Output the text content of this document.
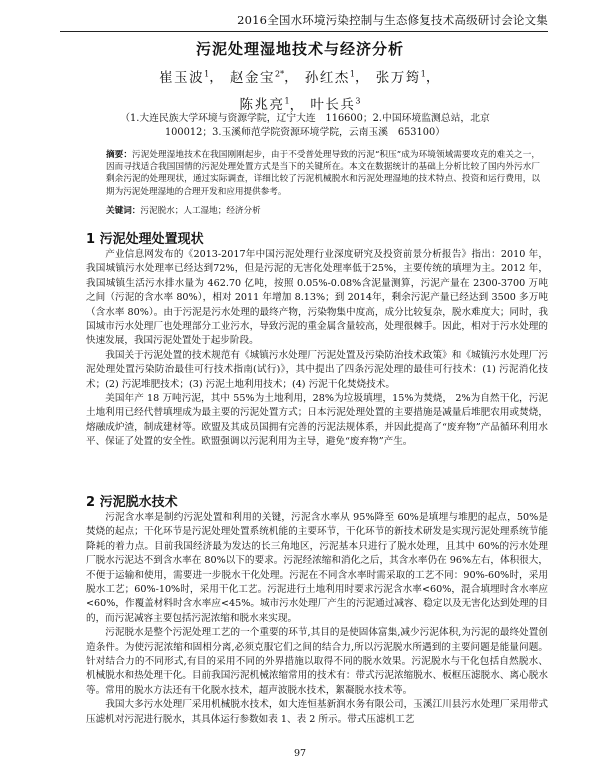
2016全国水环境污染控制与生态修复技术高级研讨会论文集
污泥处理湿地技术与经济分析
崔玉波$^1$， 赵金宝$^{2*}$， 孙红杰$^1$， 张万筠$^1$，
陈兆亮$^1$， 叶长兵$^3$
（1.大连民族大学环境与资源学院，辽宁大连　116600；2.中国环境监测总站，北京
100012；3.玉溪师范学院资源环境学院，云南玉溪　653100）
摘要：污泥处理湿地技术在我国刚刚起步，由于不受普处理导致的污泥“积压”成为环境领域需要攻克的难关之一，因而寻找适合我国国情的污泥处理处置方式是当下的关键所在。本文在数据统计的基础上分析比较了国内外污水厂剩余污泥的处理现状，通过实际调查，详细比较了污泥机械脱水和污泥处理湿地的技术特点、投资和运行费用，以期为污泥处理湿地的合理开发和应用提供参考。
关键词：污泥脱水；人工湿地；经济分析
1 污泥处理处置现状

产业信息网发布的《2013-2017年中国污泥处理行业深度研究及投资前景分析报告》指出：2010 年，我国城镇污水处理率已经达到72%，但是污泥的无害化处理率低于25%，主要传统的填埋为主。2012 年，我国城镇生活污水排水量为 462.70 亿吨，按照 0.05%-0.08%含泥量测算，污泥产量在 2300-3700 万吨之间（污泥的含水率 80%），相对 2011 年增加 8.13%；到 2014年，剩余污泥产量已经达到 3500 多万吨（含水率 80%）。由于污泥是污水处理的最终产物，污染物集中度高，成分比较复杂，脱水难度大；同时，我国城市污水处理厂也处理部分工业污水，导致污泥的重金属含量较高，处理很棘手。因此，相对于污水处理的快速发展，我国污泥处置处于起步阶段。

我国关于污泥处置的技术规范有《城镇污水处理厂污泥处置及污染防治技术政策》和《城镇污水处理厂污泥处理处置污染防治最佳可行技术指南(试行)》，其中提出了四条污泥处理的最佳可行技术：(1) 污泥消化技术；(2) 污泥堆肥技术；(3) 污泥土地利用技术；(4) 污泥干化焚烧技术。

美国年产 18 万吨污泥，其中 55%为土地利用，28%为垃圾填埋，15%为焚烧， 2%为自然干化，污泥土地利用已经代替填埋成为最主要的污泥处置方式；日本污泥处理处置的主要措施是减量后堆肥农用或焚烧，熔融成炉渣，制成建材等。欧盟及其成员国拥有完善的污泥法规体系，并因此提高了“废弃物”产品循环利用水平、保证了处置的安全性。欧盟强调以污泥利用为主导，避免“废弃物”产生。

2 污泥脱水技术

污泥含水率是制约污泥处置和利用的关键，污泥含水率从 95%降至 60%是填埋与堆肥的起点，50%是焚烧的起点；干化环节是污泥处理处置系统机能的主要环节，干化环节的新技术研发是实现污泥处理系统节能降耗的着力点。目前我国经济最为发达的长三角地区，污泥基本只进行了脱水处理，且其中 60%的污水处理厂脱水污泥达不到含水率在 80%以下的要求。污泥经浓缩和消化之后，其含水率仍在 96%左右，体积很大，不便于运输和使用，需要进一步脱水干化处理。污泥在不同含水率时需采取的工艺不同：90%-60%时，采用脱水工艺；60%-10%时，采用干化工艺。污泥进行土地利用时要求污泥含水率<60%，混合填埋时含水率应<60%，作覆盖材料时含水率应<45%。城市污水处理厂产生的污泥通过减容、稳定以及无害化达到处理的目的，而污泥减容主要包括污泥浓缩和脱水来实现。

污泥脱水是整个污泥处理工艺的一个重要的环节,其目的是使固体富集,减少污泥体积,为污泥的最终处置创造条件。为使污泥浓缩和固相分离,必须克服它们之间的结合力,所以污泥脱水所遇到的主要问题是能量问题。针对结合力的不同形式,有目的采用不同的外界措施以取得不同的脱水效果。污泥脱水与干化包括自然脱水、机械脱水和热处理干化。目前我国污泥机械浓缩常用的技术有：带式污泥浓缩脱水、板框压滤脱水、离心脱水等。常用的脱水方法还有干化脱水技术，超声波脱水技术，絮凝脱水技术等。

我国大多污水处理厂采用机械脱水技术，如大连恒基新润水务有限公司，玉溪江川县污水处理厂采用带式压滤机对污泥进行脱水，其具体运行参数如表 1、表 2 所示。带式压滤机工艺

97
